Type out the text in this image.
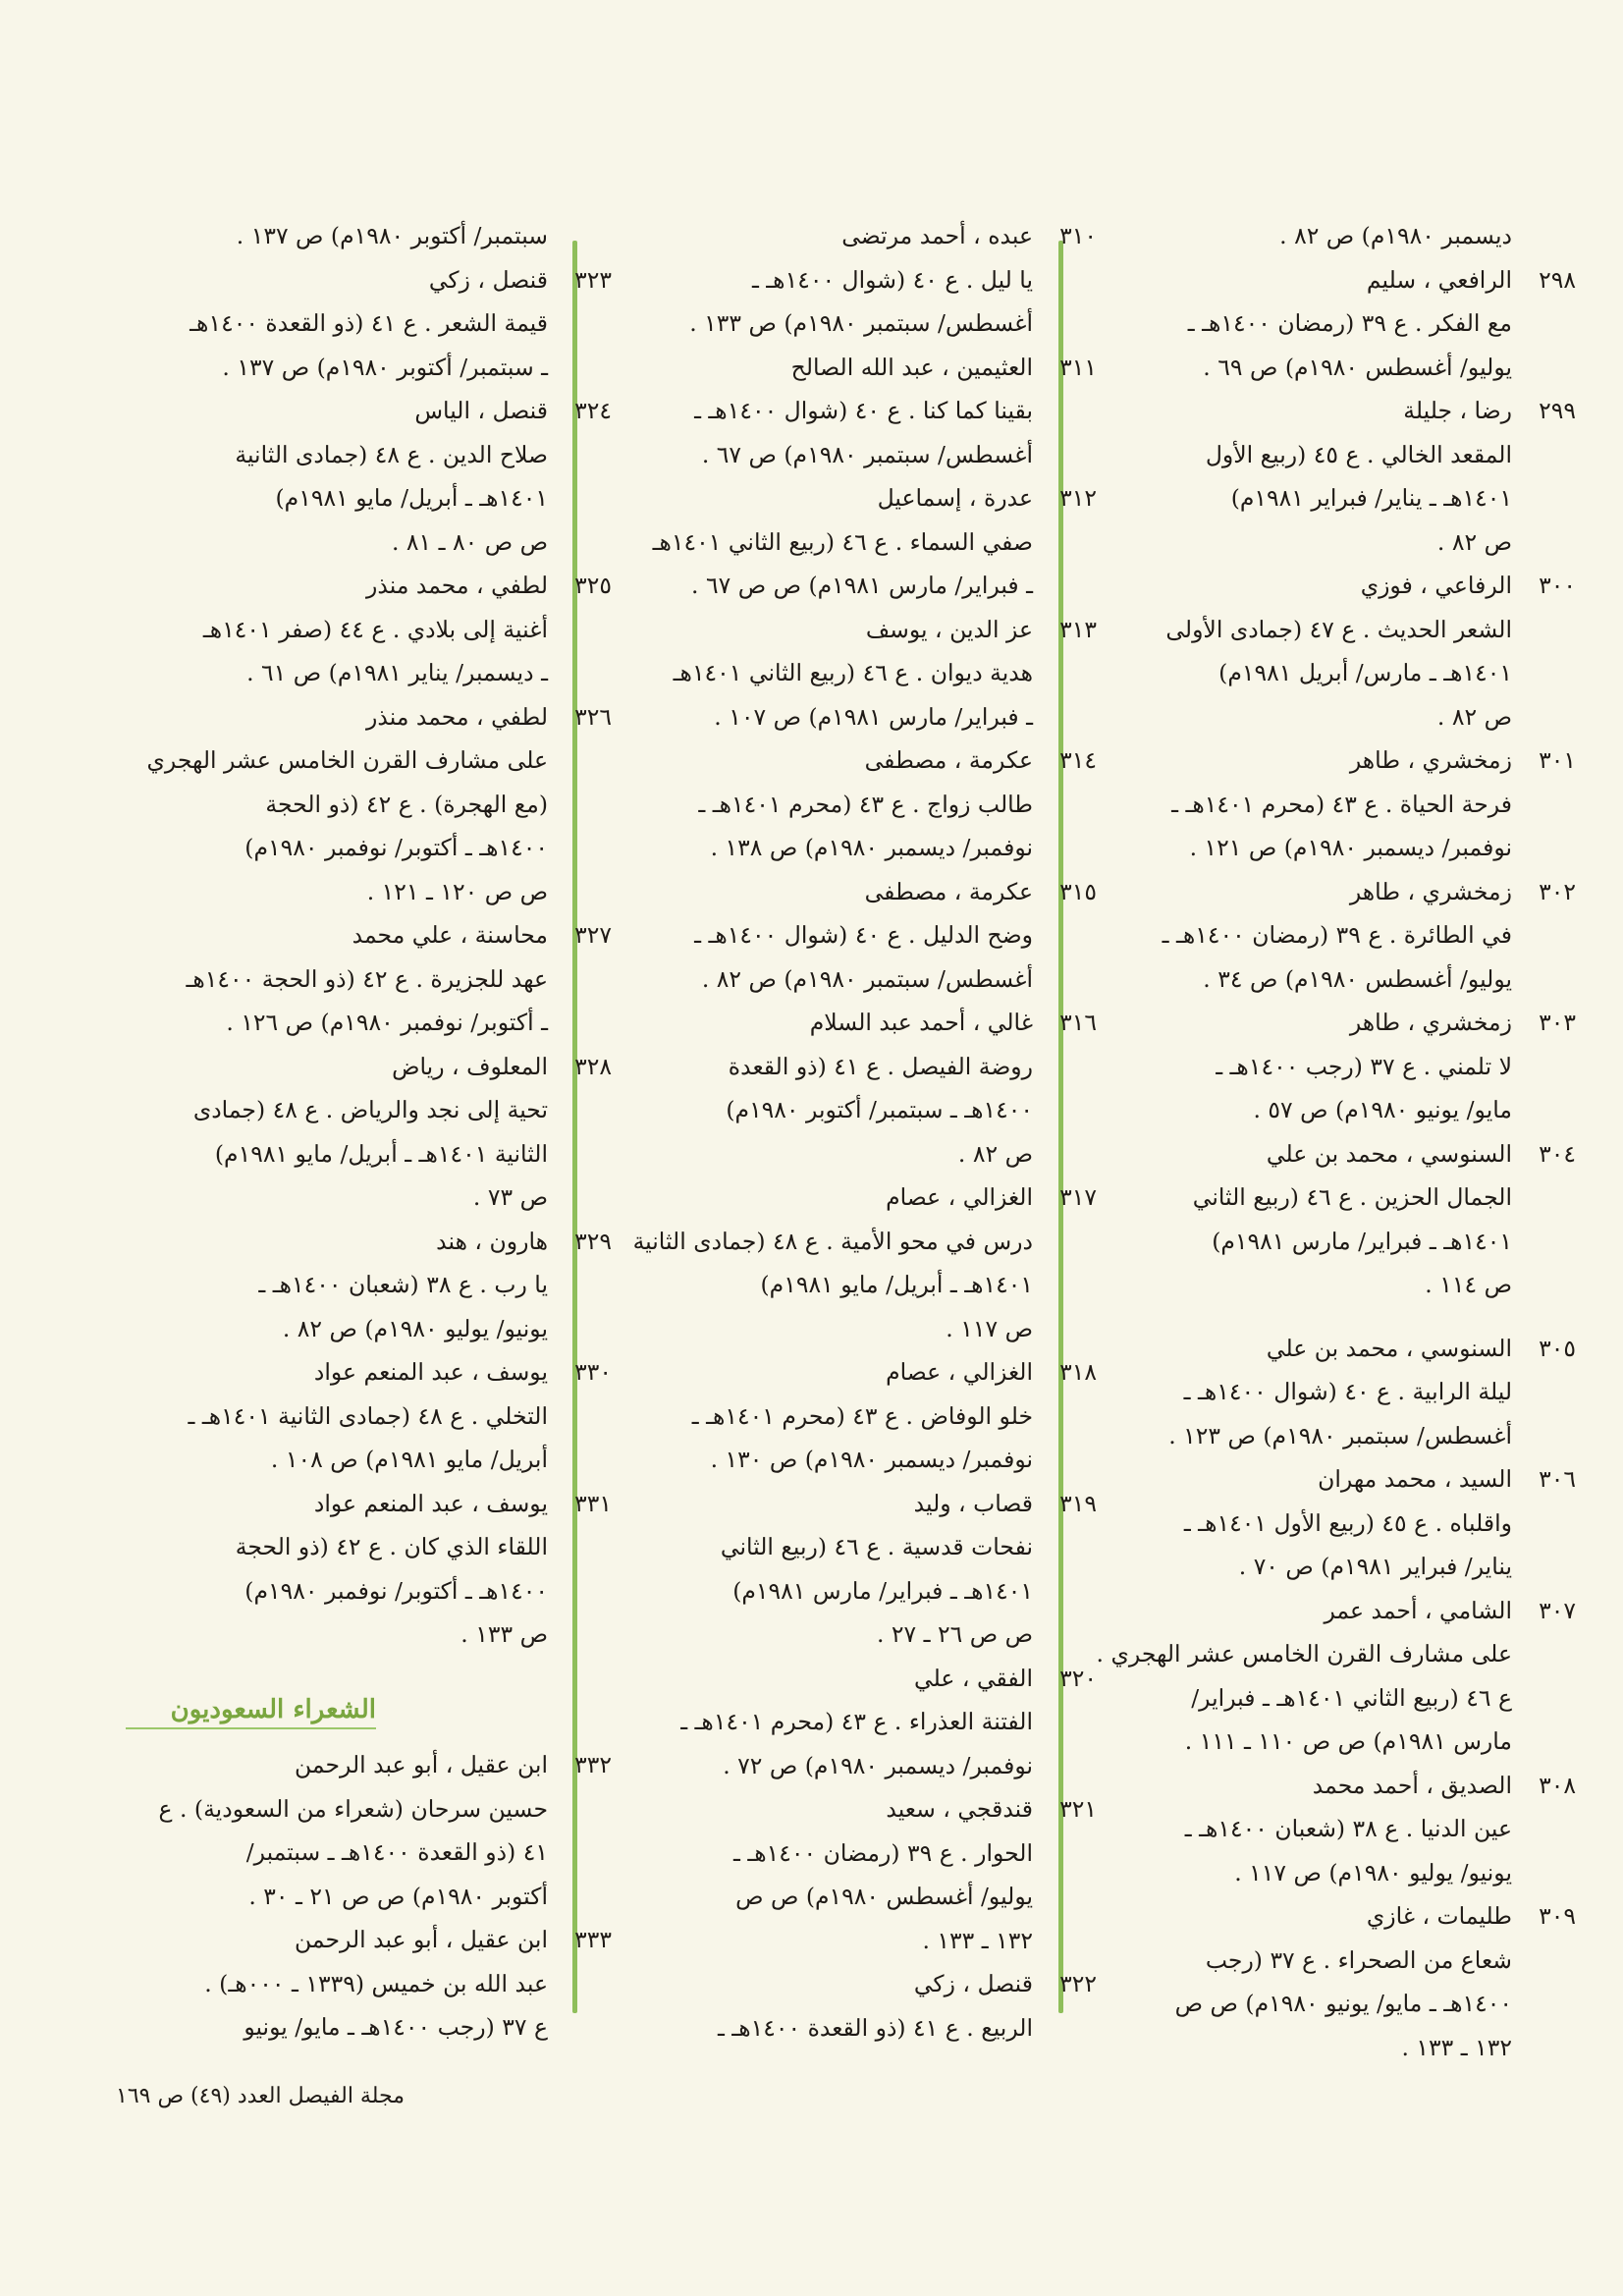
ديسمبر ١٩٨٠م) ص ٨٢ .
٢٩٨
الرافعي ، سليم
مع الفكر . ع ٣٩ (رمضان ١٤٠٠هـ ـ
يوليو/ أغسطس ١٩٨٠م) ص ٦٩ .
٢٩٩
رضا ، جليلة
المقعد الخالي . ع ٤٥ (ربيع الأول
١٤٠١هـ ـ يناير/ فبراير ١٩٨١م)
ص ٨٢ .
٣٠٠
الرفاعي ، فوزي
الشعر الحديث . ع ٤٧ (جمادى الأولى
١٤٠١هـ ـ مارس/ أبريل ١٩٨١م)
ص ٨٢ .
٣٠١
زمخشري ، طاهر
فرحة الحياة . ع ٤٣ (محرم ١٤٠١هـ ـ
نوفمبر/ ديسمبر ١٩٨٠م) ص ١٢١ .
٣٠٢
زمخشري ، طاهر
في الطائرة . ع ٣٩ (رمضان ١٤٠٠هـ ـ
يوليو/ أغسطس ١٩٨٠م) ص ٣٤ .
٣٠٣
زمخشري ، طاهر
لا تلمني . ع ٣٧ (رجب ١٤٠٠هـ ـ
مايو/ يونيو ١٩٨٠م) ص ٥٧ .
٣٠٤
السنوسي ، محمد بن علي
الجمال الحزين . ع ٤٦ (ربيع الثاني
١٤٠١هـ ـ فبراير/ مارس ١٩٨١م)
ص ١١٤ .
٣٠٥
السنوسي ، محمد بن علي
ليلة الرابية . ع ٤٠ (شوال ١٤٠٠هـ ـ
أغسطس/ سبتمبر ١٩٨٠م) ص ١٢٣ .
٣٠٦
السيد ، محمد مهران
واقلباه . ع ٤٥ (ربيع الأول ١٤٠١هـ ـ
يناير/ فبراير ١٩٨١م) ص ٧٠ .
٣٠٧
الشامي ، أحمد عمر
على مشارف القرن الخامس عشر الهجري .
ع ٤٦ (ربيع الثاني ١٤٠١هـ ـ فبراير/
مارس ١٩٨١م) ص ص ١١٠ ـ ١١١ .
٣٠٨
الصديق ، أحمد محمد
عين الدنيا . ع ٣٨ (شعبان ١٤٠٠هـ ـ
يونيو/ يوليو ١٩٨٠م) ص ١١٧ .
٣٠٩
طليمات ، غازي
شعاع من الصحراء . ع ٣٧ (رجب
١٤٠٠هـ ـ مايو/ يونيو ١٩٨٠م) ص ص
١٣٢ ـ ١٣٣ .
٣١٠
عبده ، أحمد مرتضى
يا ليل . ع ٤٠ (شوال ١٤٠٠هـ ـ
أغسطس/ سبتمبر ١٩٨٠م) ص ١٣٣ .
٣١١
العثيمين ، عبد الله الصالح
بقينا كما كنا . ع ٤٠ (شوال ١٤٠٠هـ ـ
أغسطس/ سبتمبر ١٩٨٠م) ص ٦٧ .
٣١٢
عدرة ، إسماعيل
صفي السماء . ع ٤٦ (ربيع الثاني ١٤٠١هـ
ـ فبراير/ مارس ١٩٨١م) ص ص ٦٧ .
٣١٣
عز الدين ، يوسف
هدية ديوان . ع ٤٦ (ربيع الثاني ١٤٠١هـ
ـ فبراير/ مارس ١٩٨١م) ص ١٠٧ .
٣١٤
عكرمة ، مصطفى
طالب زواج . ع ٤٣ (محرم ١٤٠١هـ ـ
نوفمبر/ ديسمبر ١٩٨٠م) ص ١٣٨ .
٣١٥
عكرمة ، مصطفى
وضح الدليل . ع ٤٠ (شوال ١٤٠٠هـ ـ
أغسطس/ سبتمبر ١٩٨٠م) ص ٨٢ .
٣١٦
غالي ، أحمد عبد السلام
روضة الفيصل . ع ٤١ (ذو القعدة
١٤٠٠هـ ـ سبتمبر/ أكتوبر ١٩٨٠م)
ص ٨٢ .
٣١٧
الغزالي ، عصام
درس في محو الأمية . ع ٤٨ (جمادى الثانية
١٤٠١هـ ـ أبريل/ مايو ١٩٨١م)
ص ١١٧ .
٣١٨
الغزالي ، عصام
خلو الوفاض . ع ٤٣ (محرم ١٤٠١هـ ـ
نوفمبر/ ديسمبر ١٩٨٠م) ص ١٣٠ .
٣١٩
قصاب ، وليد
نفحات قدسية . ع ٤٦ (ربيع الثاني
١٤٠١هـ ـ فبراير/ مارس ١٩٨١م)
ص ص ٢٦ ـ ٢٧ .
٣٢٠
الفقي ، علي
الفتنة العذراء . ع ٤٣ (محرم ١٤٠١هـ ـ
نوفمبر/ ديسمبر ١٩٨٠م) ص ٧٢ .
٣٢١
قندقجي ، سعيد
الحوار . ع ٣٩ (رمضان ١٤٠٠هـ ـ
يوليو/ أغسطس ١٩٨٠م) ص ص
١٣٢ ـ ١٣٣ .
٣٢٢
قنصل ، زكي
الربيع . ع ٤١ (ذو القعدة ١٤٠٠هـ ـ
سبتمبر/ أكتوبر ١٩٨٠م) ص ١٣٧ .
٣٢٣
قنصل ، زكي
قيمة الشعر . ع ٤١ (ذو القعدة ١٤٠٠هـ
ـ سبتمبر/ أكتوبر ١٩٨٠م) ص ١٣٧ .
٣٢٤
قنصل ، الياس
صلاح الدين . ع ٤٨ (جمادى الثانية
١٤٠١هـ ـ أبريل/ مايو ١٩٨١م)
ص ص ٨٠ ـ ٨١ .
٣٢٥
لطفي ، محمد منذر
أغنية إلى بلادي . ع ٤٤ (صفر ١٤٠١هـ
ـ ديسمبر/ يناير ١٩٨١م) ص ٦١ .
٣٢٦
لطفي ، محمد منذر
على مشارف القرن الخامس عشر الهجري
(مع الهجرة) . ع ٤٢ (ذو الحجة
١٤٠٠هـ ـ أكتوبر/ نوفمبر ١٩٨٠م)
ص ص ١٢٠ ـ ١٢١ .
٣٢٧
محاسنة ، علي محمد
عهد للجزيرة . ع ٤٢ (ذو الحجة ١٤٠٠هـ
ـ أكتوبر/ نوفمبر ١٩٨٠م) ص ١٢٦ .
٣٢٨
المعلوف ، رياض
تحية إلى نجد والرياض . ع ٤٨ (جمادى
الثانية ١٤٠١هـ ـ أبريل/ مايو ١٩٨١م)
ص ٧٣ .
٣٢٩
هارون ، هند
يا رب . ع ٣٨ (شعبان ١٤٠٠هـ ـ
يونيو/ يوليو ١٩٨٠م) ص ٨٢ .
٣٣٠
يوسف ، عبد المنعم عواد
التخلي . ع ٤٨ (جمادى الثانية ١٤٠١هـ ـ
أبريل/ مايو ١٩٨١م) ص ١٠٨ .
٣٣١
يوسف ، عبد المنعم عواد
اللقاء الذي كان . ع ٤٢ (ذو الحجة
١٤٠٠هـ ـ أكتوبر/ نوفمبر ١٩٨٠م)
ص ١٣٣ .
الشعراء السعوديون
٣٣٢
ابن عقيل ، أبو عبد الرحمن
حسين سرحان (شعراء من السعودية) . ع
٤١ (ذو القعدة ١٤٠٠هـ ـ سبتمبر/
أكتوبر ١٩٨٠م) ص ص ٢١ ـ ٣٠ .
٣٣٣
ابن عقيل ، أبو عبد الرحمن
عبد الله بن خميس (١٣٣٩ ـ ٠٠٠هـ) .
ع ٣٧ (رجب ١٤٠٠هـ ـ مايو/ يونيو
مجلة الفيصل العدد (٤٩) ص ١٦٩
